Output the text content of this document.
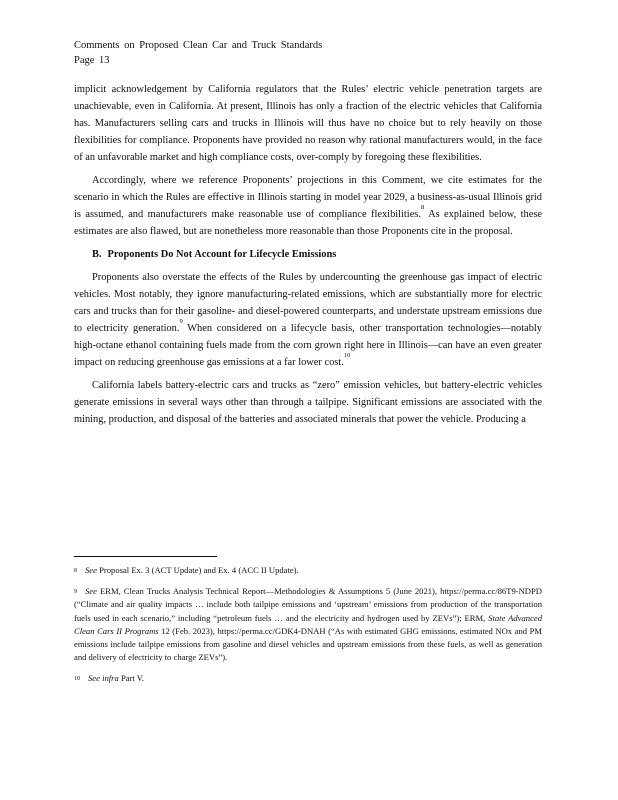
Comments on Proposed Clean Car and Truck Standards
Page 13

implicit acknowledgement by California regulators that the Rules’ electric vehicle penetration targets are unachievable, even in California. At present, Illinois has only a fraction of the electric vehicles that California has. Manufacturers selling cars and trucks in Illinois will thus have no choice but to rely heavily on those flexibilities for compliance. Proponents have provided no reason why rational manufacturers would, in the face of an unfavorable market and high compliance costs, over-comply by foregoing these flexibilities.

Accordingly, where we reference Proponents’ projections in this Comment, we cite estimates for the scenario in which the Rules are effective in Illinois starting in model year 2029, a business-as-usual Illinois grid is assumed, and manufacturers make reasonable use of compliance flexibilities.$^8$ As explained below, these estimates are also flawed, but are nonetheless more reasonable than those Proponents cite in the proposal.

B. Proponents Do Not Account for Lifecycle Emissions

Proponents also overstate the effects of the Rules by undercounting the greenhouse gas impact of electric vehicles. Most notably, they ignore manufacturing-related emissions, which are substantially more for electric cars and trucks than for their gasoline- and diesel-powered counterparts, and understate upstream emissions due to electricity generation.$^9$ When considered on a lifecycle basis, other transportation technologies—notably high-octane ethanol containing fuels made from the corn grown right here in Illinois—can have an even greater impact on reducing greenhouse gas emissions at a far lower cost.$^{10}$

California labels battery-electric cars and trucks as “zero” emission vehicles, but battery-electric vehicles generate emissions in several ways other than through a tailpipe. Significant emissions are associated with the mining, production, and disposal of the batteries and associated minerals that power the vehicle. Producing a

$^8$ See Proposal Ex. 3 (ACT Update) and Ex. 4 (ACC II Update).
$^9$ See ERM, Clean Trucks Analysis Technical Report—Methodologies & Assumptions 5 (June 2021), https://perma.cc/86T9-NDPD (“Climate and air quality impacts … include both tailpipe emissions and ‘upstream’ emissions from production of the transportation fuels used in each scenario,” including “petroleum fuels … and the electricity and hydrogen used by ZEVs”); ERM, State Advanced Clean Cars II Programs 12 (Feb. 2023), https://perma.cc/GDK4-DNAH (“As with estimated GHG emissions, estimated NOx and PM emissions include tailpipe emissions from gasoline and diesel vehicles and upstream emissions from these fuels, as well as generation and delivery of electricity to charge ZEVs”).
$^{10}$ See infra Part V.
